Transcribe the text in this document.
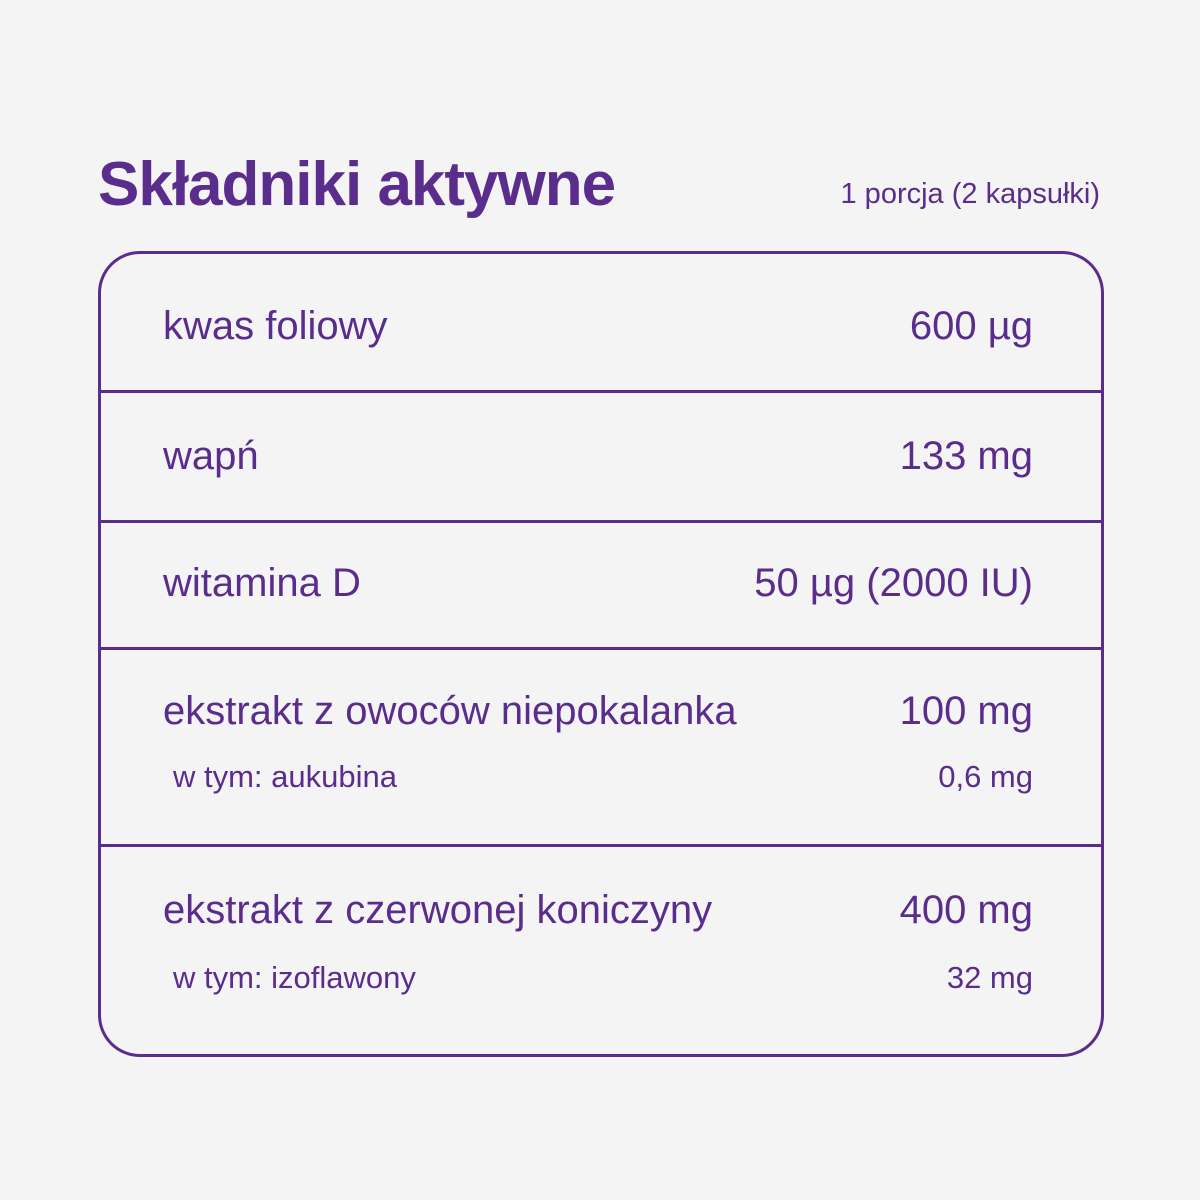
Składniki aktywne	1 porcja (2 kapsułki)
kwas foliowy	600 µg
wapń	133 mg
witamina D	50 µg (2000 IU)
ekstrakt z owoców niepokalanka	100 mg
w tym: aukubina	0,6 mg
ekstrakt z czerwonej koniczyny	400 mg
w tym: izoflawony	32 mg
